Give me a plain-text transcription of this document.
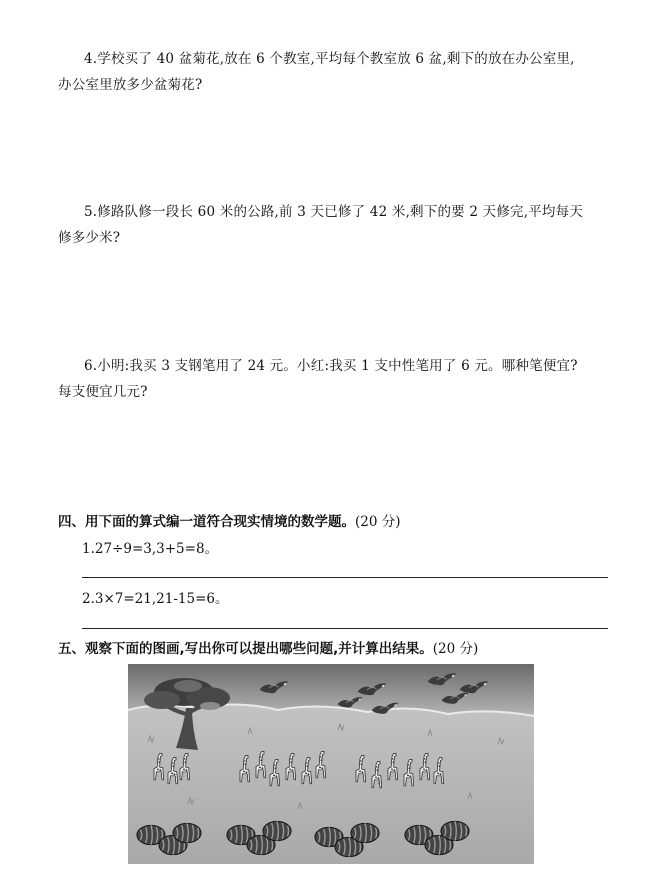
4.学校买了 40 盆菊花,放在 6 个教室,平均每个教室放 6 盆,剩下的放在办公室里,
办公室里放多少盆菊花?
5.修路队修一段长 60 米的公路,前 3 天已修了 42 米,剩下的要 2 天修完,平均每天
修多少米?
6.小明:我买 3 支钢笔用了 24 元。小红:我买 1 支中性笔用了 6 元。哪种笔便宜?
每支便宜几元?
四、用下面的算式编一道符合现实情境的数学题。(20 分)
1.27÷9=3,3+5=8。
2.3×7=21,21-15=6。
五、观察下面的图画,写出你可以提出哪些问题,并计算出结果。(20 分)
